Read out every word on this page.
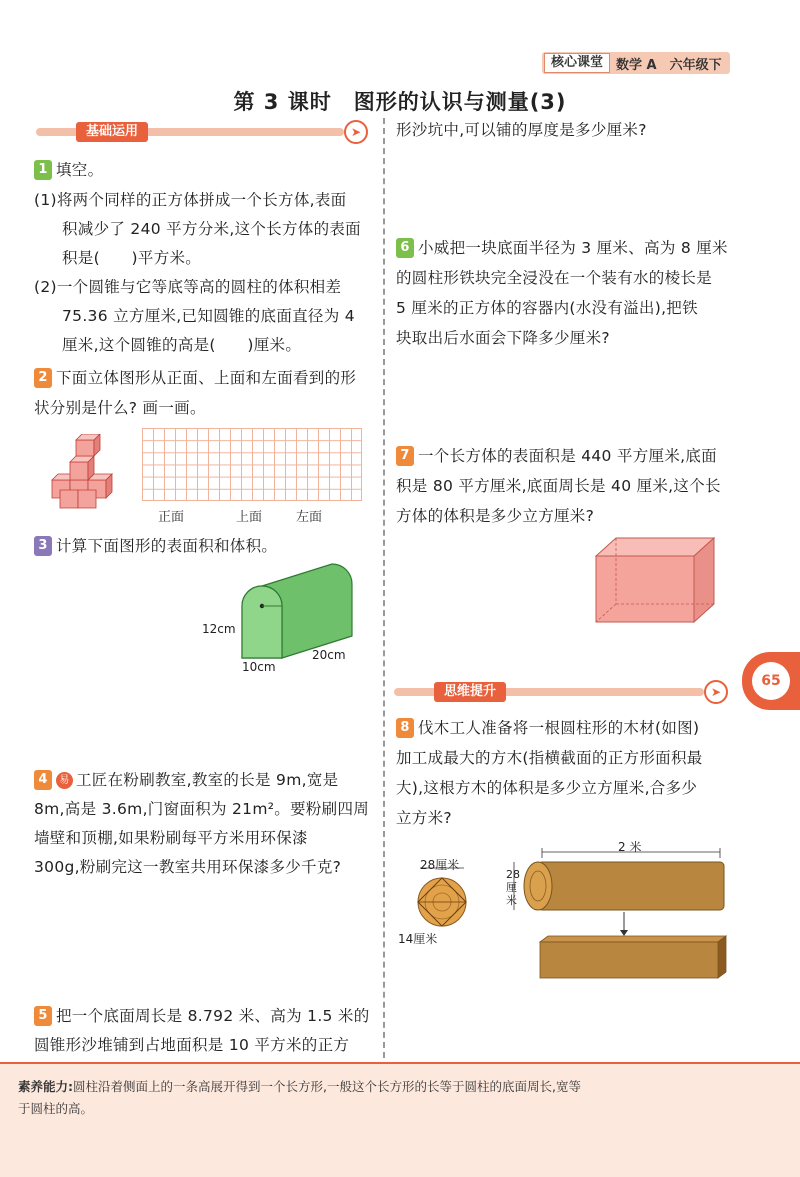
核心课堂	数学 A　六年级下
第 3 课时　图形的认识与测量(3)
基础运用	➤
1 填空。
(1)将两个同样的正方体拼成一个长方体,表面
积减少了 240 平方分米,这个长方体的表面
积是(　　)平方米。
(2)一个圆锥与它等底等高的圆柱的体积相差
75.36 立方厘米,已知圆锥的底面直径为 4
厘米,这个圆锥的高是(　　)厘米。
2 下面立体图形从正面、上面和左面看到的形
状分别是什么? 画一画。
正面	上面	左面
3 计算下面图形的表面积和体积。
12cm
10cm
20cm
4 易 工匠在粉刷教室,教室的长是 9m,宽是
8m,高是 3.6m,门窗面积为 21m²。要粉刷四周
墙壁和顶棚,如果粉刷每平方米用环保漆
300g,粉刷完这一教室共用环保漆多少千克?
5 把一个底面周长是 8.792 米、高为 1.5 米的
圆锥形沙堆铺到占地面积是 10 平方米的正方
形沙坑中,可以铺的厚度是多少厘米?
6 小威把一块底面半径为 3 厘米、高为 8 厘米
的圆柱形铁块完全浸没在一个装有水的棱长是
5 厘米的正方体的容器内(水没有溢出),把铁
块取出后水面会下降多少厘米?
7 一个长方体的表面积是 440 平方厘米,底面
积是 80 平方厘米,底面周长是 40 厘米,这个长
方体的体积是多少立方厘米?
思维提升	➤
8 伐木工人准备将一根圆柱形的木材(如图)
加工成最大的方木(指横截面的正方形面积最
大),这根方木的体积是多少立方厘米,合多少
立方米?
28厘米
14厘米
2 米
28厘米
65
素养能力:圆柱沿着侧面上的一条高展开得到一个长方形,一般这个长方形的长等于圆柱的底面周长,宽等
于圆柱的高。
